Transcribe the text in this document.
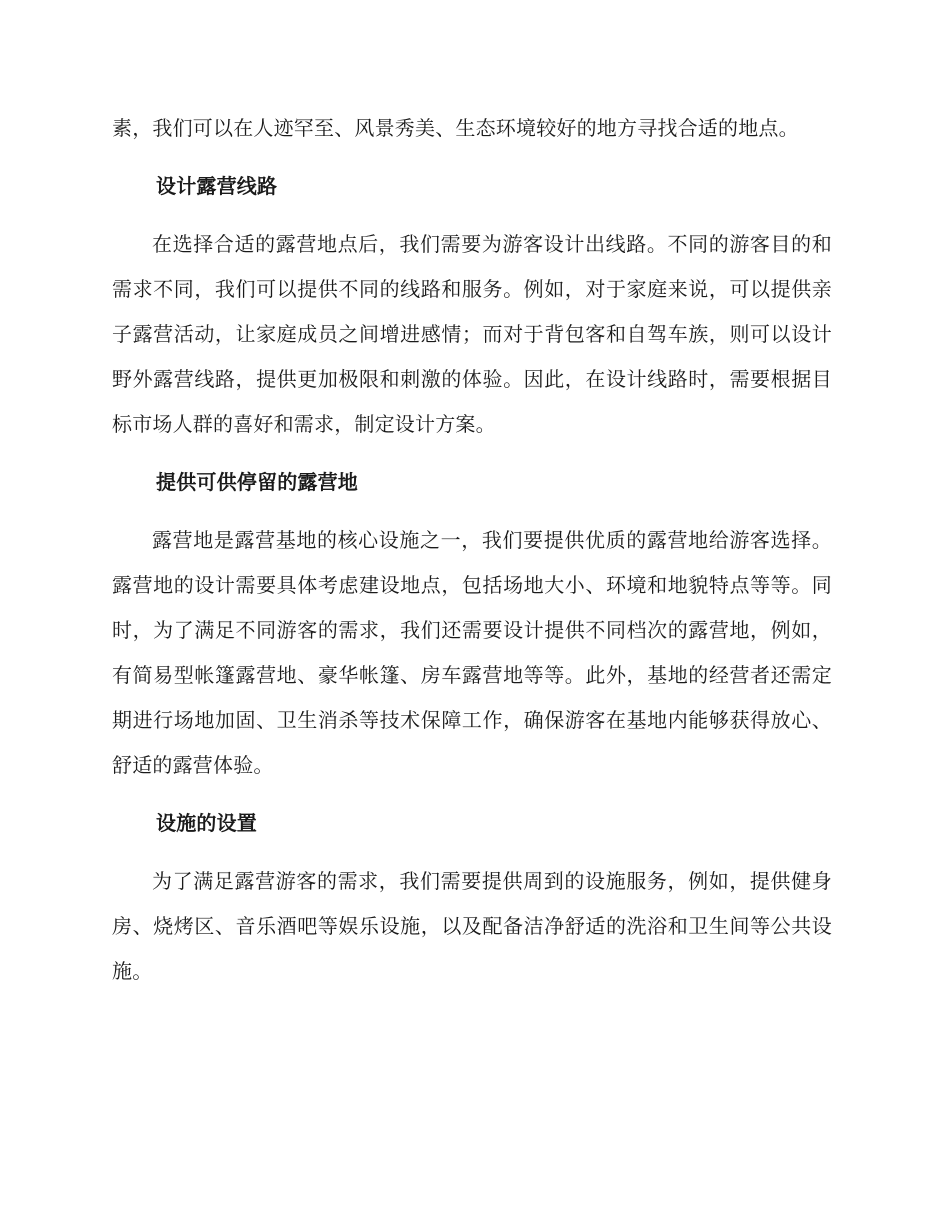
素，我们可以在人迹罕至、风景秀美、生态环境较好的地方寻找合适的地点。

设计露营线路

在选择合适的露营地点后，我们需要为游客设计出线路。不同的游客目的和需求不同，我们可以提供不同的线路和服务。例如，对于家庭来说，可以提供亲子露营活动，让家庭成员之间增进感情；而对于背包客和自驾车族，则可以设计野外露营线路，提供更加极限和刺激的体验。因此，在设计线路时，需要根据目标市场人群的喜好和需求，制定设计方案。

提供可供停留的露营地

露营地是露营基地的核心设施之一，我们要提供优质的露营地给游客选择。露营地的设计需要具体考虑建设地点，包括场地大小、环境和地貌特点等等。同时，为了满足不同游客的需求，我们还需要设计提供不同档次的露营地，例如，有简易型帐篷露营地、豪华帐篷、房车露营地等等。此外，基地的经营者还需定期进行场地加固、卫生消杀等技术保障工作，确保游客在基地内能够获得放心、舒适的露营体验。

设施的设置

为了满足露营游客的需求，我们需要提供周到的设施服务，例如，提供健身房、烧烤区、音乐酒吧等娱乐设施，以及配备洁净舒适的洗浴和卫生间等公共设施。
